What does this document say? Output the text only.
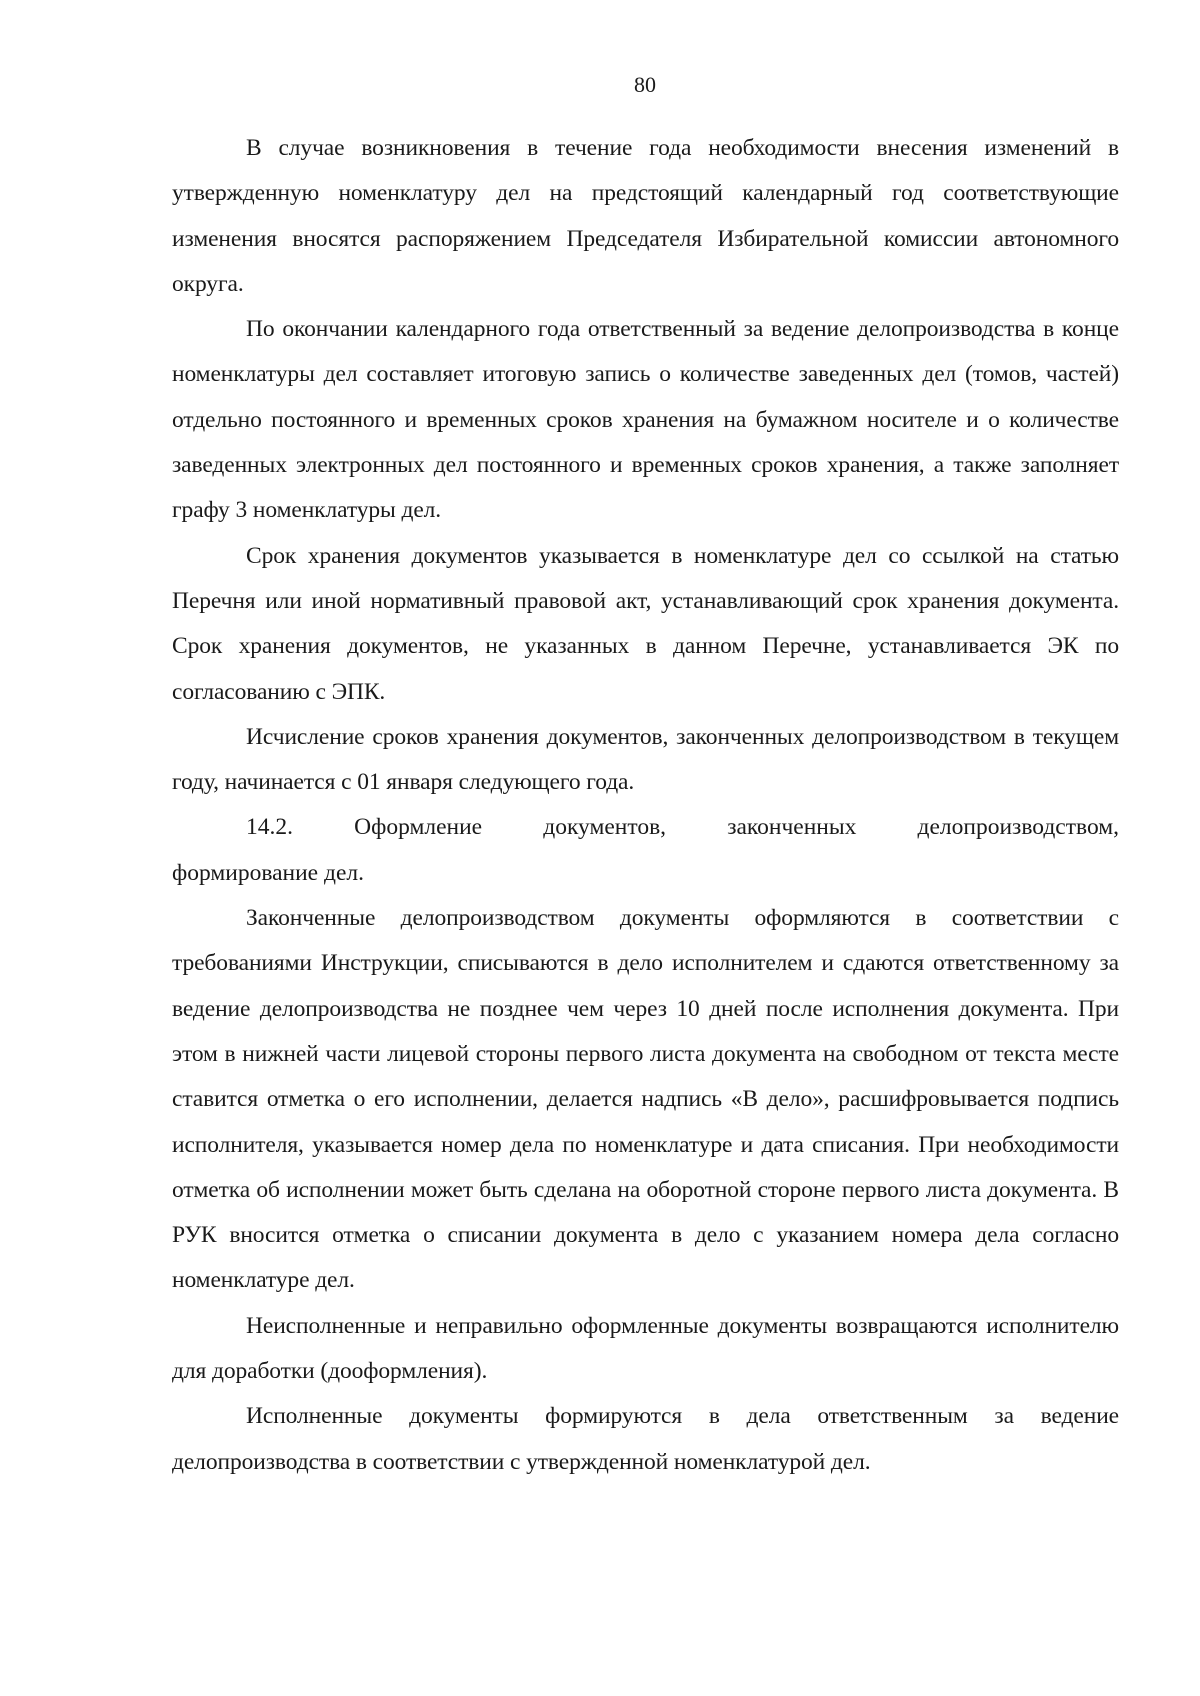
80

В случае возникновения в течение года необходимости внесения изменений в утвержденную номенклатуру дел на предстоящий календарный год соответствующие изменения вносятся распоряжением Председателя Избирательной комиссии автономного округа.

По окончании календарного года ответственный за ведение делопроизводства в конце номенклатуры дел составляет итоговую запись о количестве заведенных дел (томов, частей) отдельно постоянного и временных сроков хранения на бумажном носителе и о количестве заведенных электронных дел постоянного и временных сроков хранения, а также заполняет графу 3 номенклатуры дел.

Срок хранения документов указывается в номенклатуре дел со ссылкой на статью Перечня или иной нормативный правовой акт, устанавливающий срок хранения документа. Срок хранения документов, не указанных в данном Перечне, устанавливается ЭК по согласованию с ЭПК.

Исчисление сроков хранения документов, законченных делопроизводством в текущем году, начинается с 01 января следующего года.

14.2. Оформление документов, законченных делопроизводством,

формирование дел.

Законченные делопроизводством документы оформляются в соответствии с требованиями Инструкции, списываются в дело исполнителем и сдаются ответственному за ведение делопроизводства не позднее чем через 10 дней после исполнения документа. При этом в нижней части лицевой стороны первого листа документа на свободном от текста месте ставится отметка о его исполнении, делается надпись «В дело», расшифровывается подпись исполнителя, указывается номер дела по номенклатуре и дата списания. При необходимости отметка об исполнении может быть сделана на оборотной стороне первого листа документа. В РУК вносится отметка о списании документа в дело с указанием номера дела согласно номенклатуре дел.

Неисполненные и неправильно оформленные документы возвращаются исполнителю для доработки (дооформления).

Исполненные документы формируются в дела ответственным за ведение делопроизводства в соответствии с утвержденной номенклатурой дел.
